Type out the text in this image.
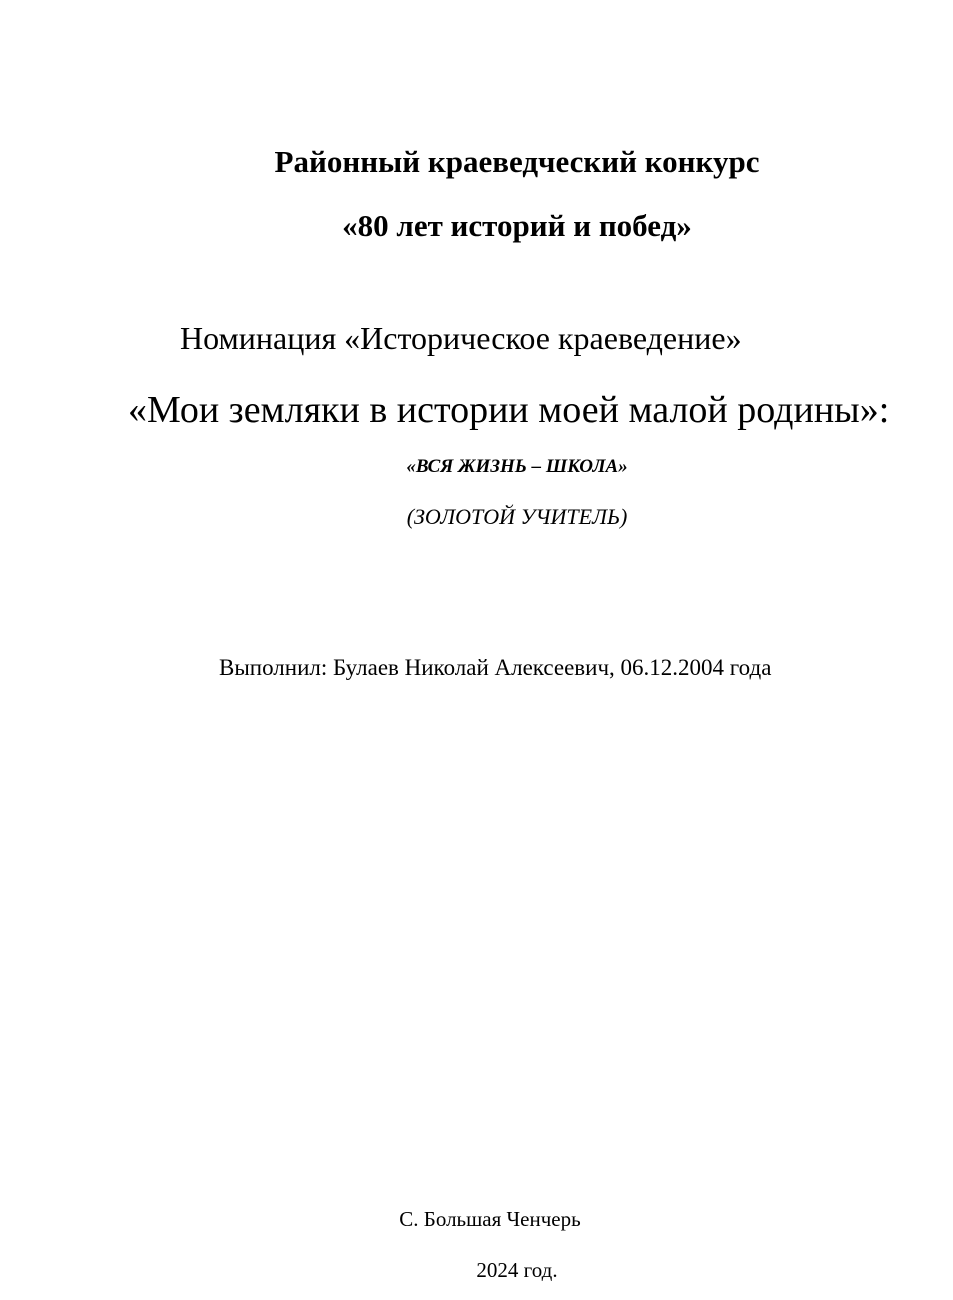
Районный краеведческий конкурс
«80 лет историй и побед»
Номинация «Историческое краеведение»
«Мои земляки в истории моей малой родины»:
«ВСЯ ЖИЗНЬ – ШКОЛА»
(ЗОЛОТОЙ УЧИТЕЛЬ)
Выполнил: Булаев Николай Алексеевич, 06.12.2004 года
С. Большая Ченчерь
2024 год.
